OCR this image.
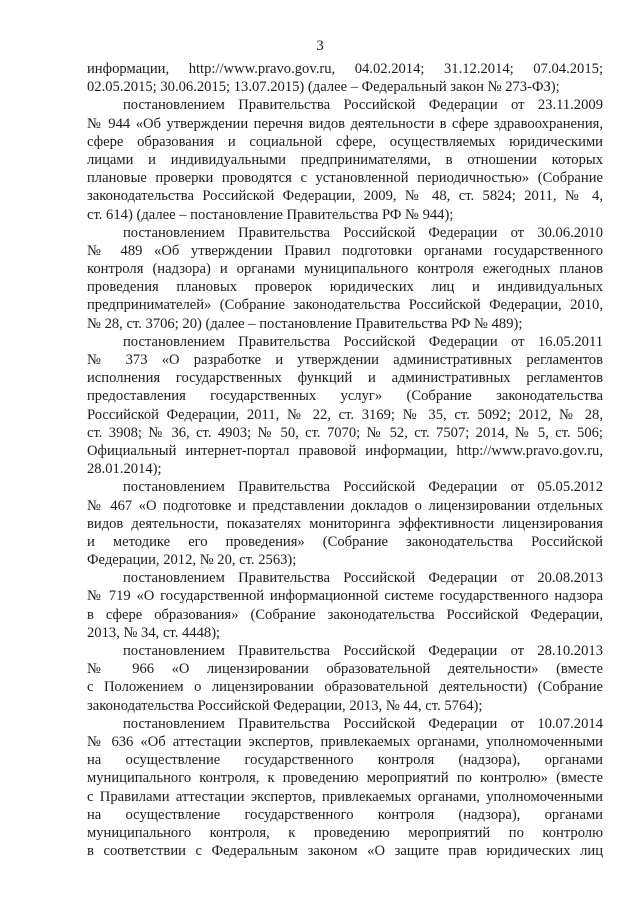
3
информации, http://www.pravo.gov.ru, 04.02.2014; 31.12.2014; 07.04.2015;
02.05.2015; 30.06.2015; 13.07.2015) (далее – Федеральный закон № 273-ФЗ);
постановлением Правительства Российской Федерации от 23.11.2009
№ 944 «Об утверждении перечня видов деятельности в сфере здравоохранения,
сфере образования и социальной сфере, осуществляемых юридическими
лицами и индивидуальными предпринимателями, в отношении которых
плановые проверки проводятся с установленной периодичностью» (Собрание
законодательства Российской Федерации, 2009, № 48, ст. 5824; 2011, № 4,
ст. 614) (далее – постановление Правительства РФ № 944);
постановлением Правительства Российской Федерации от 30.06.2010
№ 489 «Об утверждении Правил подготовки органами государственного
контроля (надзора) и органами муниципального контроля ежегодных планов
проведения плановых проверок юридических лиц и индивидуальных
предпринимателей» (Собрание законодательства Российской Федерации, 2010,
№ 28, ст. 3706; 20) (далее – постановление Правительства РФ № 489);
постановлением Правительства Российской Федерации от 16.05.2011
№ 373 «О разработке и утверждении административных регламентов
исполнения государственных функций и административных регламентов
предоставления государственных услуг» (Собрание законодательства
Российской Федерации, 2011, № 22, ст. 3169; № 35, ст. 5092; 2012, № 28,
ст. 3908; № 36, ст. 4903; № 50, ст. 7070; № 52, ст. 7507; 2014, № 5, ст. 506;
Официальный интернет-портал правовой информации, http://www.pravo.gov.ru,
28.01.2014);
постановлением Правительства Российской Федерации от 05.05.2012
№ 467 «О подготовке и представлении докладов о лицензировании отдельных
видов деятельности, показателях мониторинга эффективности лицензирования
и методике его проведения» (Собрание законодательства Российской
Федерации, 2012, № 20, ст. 2563);
постановлением Правительства Российской Федерации от 20.08.2013
№ 719 «О государственной информационной системе государственного надзора
в сфере образования» (Собрание законодательства Российской Федерации,
2013, № 34, ст. 4448);
постановлением Правительства Российской Федерации от 28.10.2013
№ 966 «О лицензировании образовательной деятельности» (вместе
с Положением о лицензировании образовательной деятельности) (Собрание
законодательства Российской Федерации, 2013, № 44, ст. 5764);
постановлением Правительства Российской Федерации от 10.07.2014
№ 636 «Об аттестации экспертов, привлекаемых органами, уполномоченными
на осуществление государственного контроля (надзора), органами
муниципального контроля, к проведению мероприятий по контролю» (вместе
с Правилами аттестации экспертов, привлекаемых органами, уполномоченными
на осуществление государственного контроля (надзора), органами
муниципального контроля, к проведению мероприятий по контролю
в соответствии с Федеральным законом «О защите прав юридических лиц
